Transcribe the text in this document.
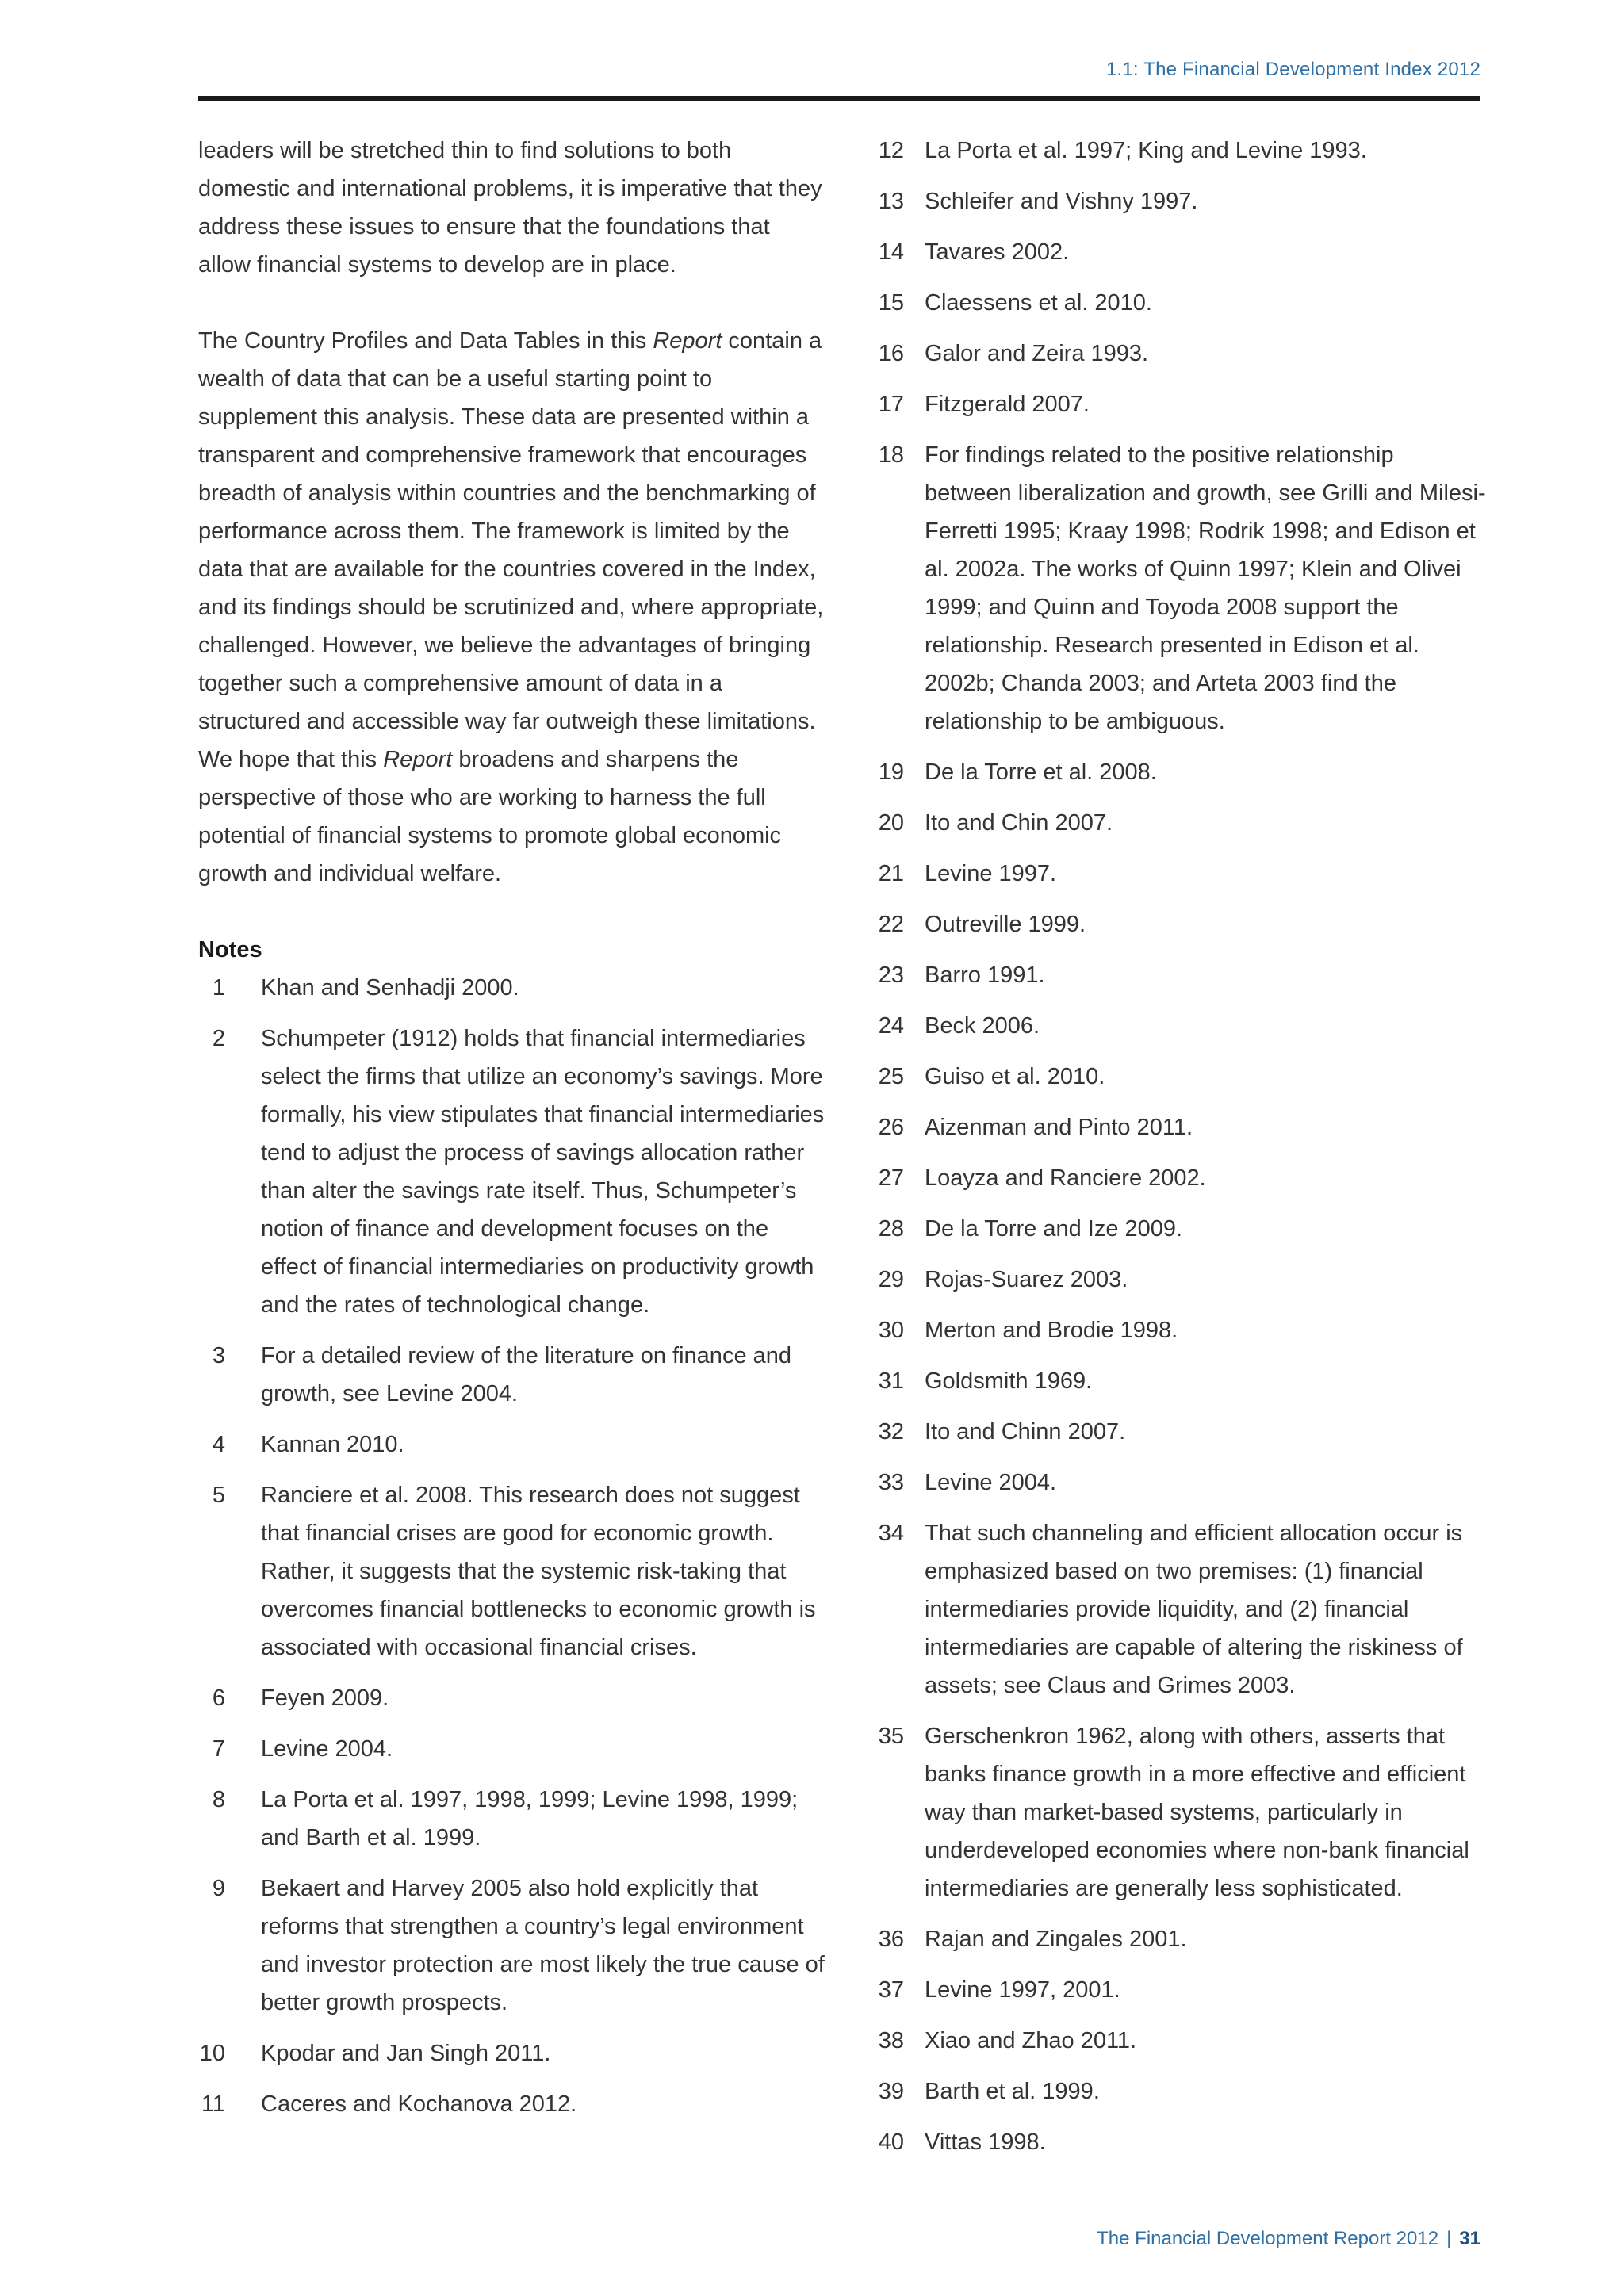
1.1: The Financial Development Index 2012

leaders will be stretched thin to find solutions to both domestic and international problems, it is imperative that they address these issues to ensure that the foundations that allow financial systems to develop are in place.

The Country Profiles and Data Tables in this Report contain a wealth of data that can be a useful starting point to supplement this analysis. These data are presented within a transparent and comprehensive framework that encourages breadth of analysis within countries and the benchmarking of performance across them. The framework is limited by the data that are available for the countries covered in the Index, and its findings should be scrutinized and, where appropriate, challenged. However, we believe the advantages of bringing together such a comprehensive amount of data in a structured and accessible way far outweigh these limitations. We hope that this Report broadens and sharpens the perspective of those who are working to harness the full potential of financial systems to promote global economic growth and individual welfare.

Notes
1 Khan and Senhadji 2000.
2 Schumpeter (1912) holds that financial intermediaries select the firms that utilize an economy’s savings. More formally, his view stipulates that financial intermediaries tend to adjust the process of savings allocation rather than alter the savings rate itself. Thus, Schumpeter’s notion of finance and development focuses on the effect of financial intermediaries on productivity growth and the rates of technological change.
3 For a detailed review of the literature on finance and growth, see Levine 2004.
4 Kannan 2010.
5 Ranciere et al. 2008. This research does not suggest that financial crises are good for economic growth. Rather, it suggests that the systemic risk-taking that overcomes financial bottlenecks to economic growth is associated with occasional financial crises.
6 Feyen 2009.
7 Levine 2004.
8 La Porta et al. 1997, 1998, 1999; Levine 1998, 1999; and Barth et al. 1999.
9 Bekaert and Harvey 2005 also hold explicitly that reforms that strengthen a country’s legal environment and investor protection are most likely the true cause of better growth prospects.
10 Kpodar and Jan Singh 2011.
11 Caceres and Kochanova 2012.
12 La Porta et al. 1997; King and Levine 1993.
13 Schleifer and Vishny 1997.
14 Tavares 2002.
15 Claessens et al. 2010.
16 Galor and Zeira 1993.
17 Fitzgerald 2007.
18 For findings related to the positive relationship between liberalization and growth, see Grilli and Milesi-Ferretti 1995; Kraay 1998; Rodrik 1998; and Edison et al. 2002a. The works of Quinn 1997; Klein and Olivei 1999; and Quinn and Toyoda 2008 support the relationship. Research presented in Edison et al. 2002b; Chanda 2003; and Arteta 2003 find the relationship to be ambiguous.
19 De la Torre et al. 2008.
20 Ito and Chin 2007.
21 Levine 1997.
22 Outreville 1999.
23 Barro 1991.
24 Beck 2006.
25 Guiso et al. 2010.
26 Aizenman and Pinto 2011.
27 Loayza and Ranciere 2002.
28 De la Torre and Ize 2009.
29 Rojas-Suarez 2003.
30 Merton and Brodie 1998.
31 Goldsmith 1969.
32 Ito and Chinn 2007.
33 Levine 2004.
34 That such channeling and efficient allocation occur is emphasized based on two premises: (1) financial intermediaries provide liquidity, and (2) financial intermediaries are capable of altering the riskiness of assets; see Claus and Grimes 2003.
35 Gerschenkron 1962, along with others, asserts that banks finance growth in a more effective and efficient way than market-based systems, particularly in underdeveloped economies where non-bank financial intermediaries are generally less sophisticated.
36 Rajan and Zingales 2001.
37 Levine 1997, 2001.
38 Xiao and Zhao 2011.
39 Barth et al. 1999.
40 Vittas 1998.
The Financial Development Report 2012 | 31
